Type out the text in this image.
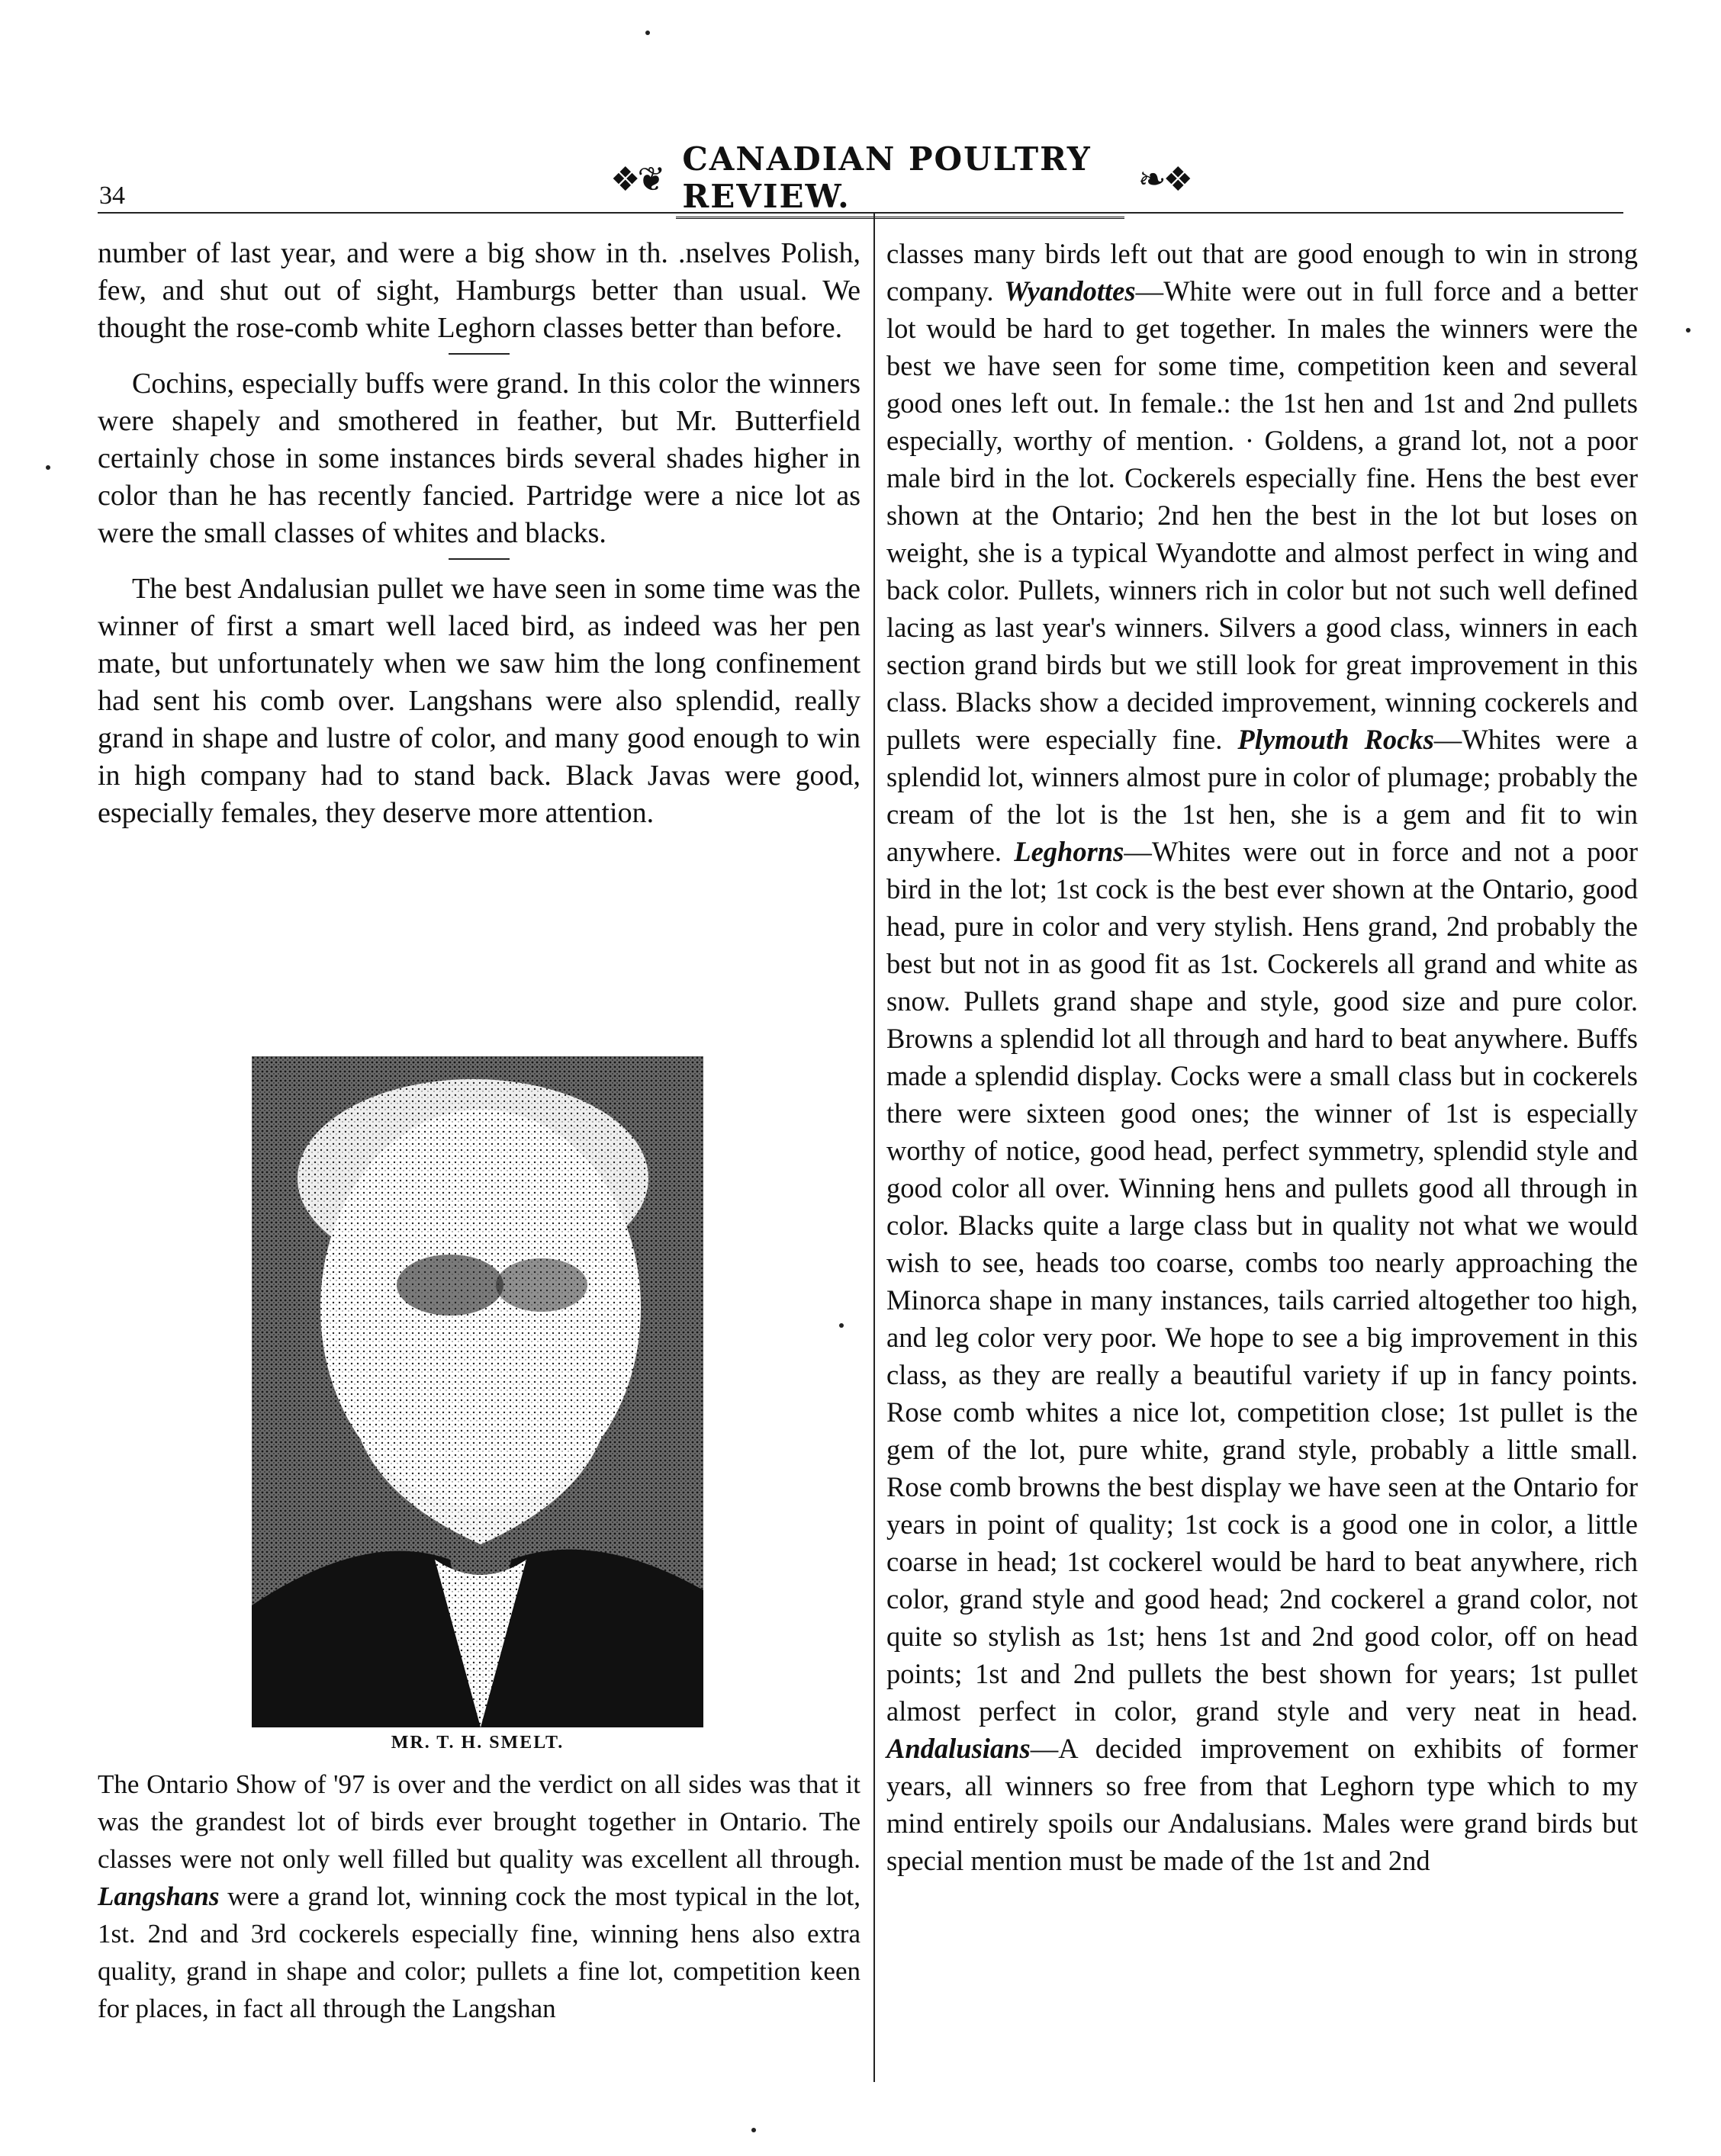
34	❖❦
CANADIAN POULTRY REVIEW.	❧❖

number of last year, and were a big show in th. .nselves Polish, few, and shut out of sight, Hamburgs better than usual. We thought the rose-comb white Leghorn classes better than before.

Cochins, especially buffs were grand. In this color the winners were shapely and smothered in feather, but Mr. Butterfield certainly chose in some instances birds several shades higher in color than he has recently fancied. Partridge were a nice lot as were the small classes of whites and blacks.

The best Andalusian pullet we have seen in some time was the winner of first a smart well laced bird, as indeed was her pen mate, but unfortunately when we saw him the long confinement had sent his comb over. Langshans were also splendid, really grand in shape and lustre of color, and many good enough to win in high company had to stand back. Black Javas were good, especially females, they deserve more attention.

MR. T. H. SMELT.
The Ontario Show of '97 is over and the verdict on all sides was that it was the grandest lot of birds ever brought together in Ontario. The classes were not only well filled but quality was excellent all through. Langshans were a grand lot, winning cock the most typical in the lot, 1st. 2nd and 3rd cockerels especially fine, winning hens also extra quality, grand in shape and color; pullets a fine lot, competition keen for places, in fact all through the Langshan

classes many birds left out that are good enough to win in strong company. Wyandottes—White were out in full force and a better lot would be hard to get together. In males the winners were the best we have seen for some time, competition keen and several good ones left out. In female.: the 1st hen and 1st and 2nd pullets especially, worthy of mention. · Goldens, a grand lot, not a poor male bird in the lot. Cockerels especially fine. Hens the best ever shown at the Ontario; 2nd hen the best in the lot but loses on weight, she is a typical Wyandotte and almost perfect in wing and back color. Pullets, winners rich in color but not such well defined lacing as last year's winners. Silvers a good class, winners in each section grand birds but we still look for great improvement in this class. Blacks show a decided improvement, winning cockerels and pullets were especially fine. Plymouth Rocks—Whites were a splendid lot, winners almost pure in color of plumage; probably the cream of the lot is the 1st hen, she is a gem and fit to win anywhere. Leghorns—Whites were out in force and not a poor bird in the lot; 1st cock is the best ever shown at the Ontario, good head, pure in color and very stylish. Hens grand, 2nd probably the best but not in as good fit as 1st. Cockerels all grand and white as snow. Pullets grand shape and style, good size and pure color. Browns a splendid lot all through and hard to beat anywhere. Buffs made a splendid display. Cocks were a small class but in cockerels there were sixteen good ones; the winner of 1st is especially worthy of notice, good head, perfect symmetry, splendid style and good color all over. Winning hens and pullets good all through in color. Blacks quite a large class but in quality not what we would wish to see, heads too coarse, combs too nearly approaching the Minorca shape in many instances, tails carried altogether too high, and leg color very poor. We hope to see a big improvement in this class, as they are really a beautiful variety if up in fancy points. Rose comb whites a nice lot, competition close; 1st pullet is the gem of the lot, pure white, grand style, probably a little small. Rose comb browns the best display we have seen at the Ontario for years in point of quality; 1st cock is a good one in color, a little coarse in head; 1st cockerel would be hard to beat anywhere, rich color, grand style and good head; 2nd cockerel a grand color, not quite so stylish as 1st; hens 1st and 2nd good color, off on head points; 1st and 2nd pullets the best shown for years; 1st pullet almost perfect in color, grand style and very neat in head. Andalusians—A decided improvement on exhibits of former years, all winners so free from that Leghorn type which to my mind entirely spoils our Andalusians. Males were grand birds but special mention must be made of the 1st and 2nd
